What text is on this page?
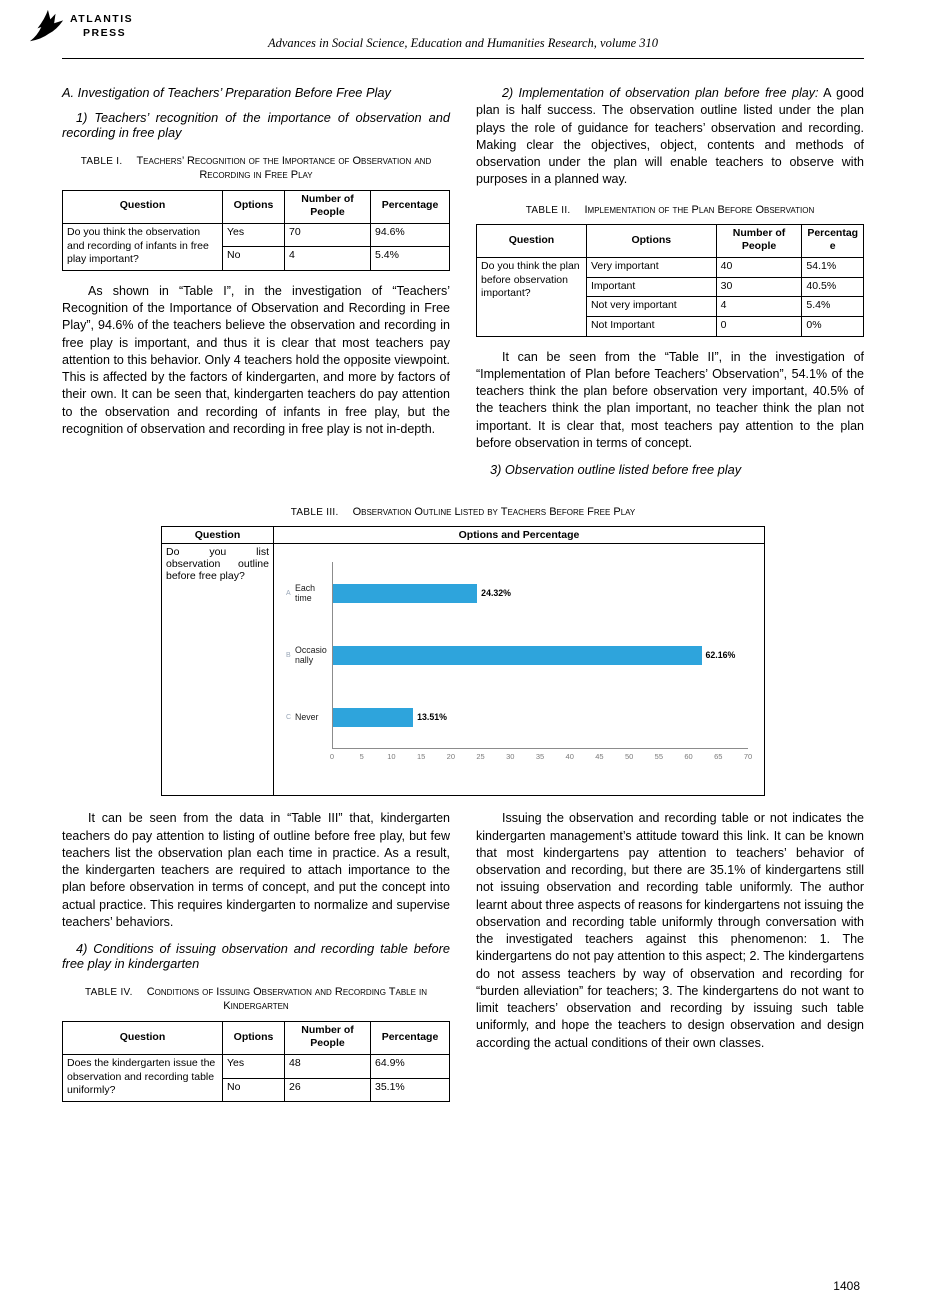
ATLANTIS
PRESS
Advances in Social Science, Education and Humanities Research, volume 310
A. Investigation of Teachers’ Preparation Before Free Play
1) Teachers’ recognition of the importance of observation and recording in free play
TABLE I. Teachers’ Recognition of the Importance of Observation and Recording in Free Play
Question	Options	Number of People	Percentage
Do you think the observation and recording of infants in free play important?	Yes	70	94.6%
	No	4	5.4%

As shown in “Table I”, in the investigation of “Teachers’ Recognition of the Importance of Observation and Recording in Free Play”, 94.6% of the teachers believe the observation and recording in free play is important, and thus it is clear that most teachers pay attention to this behavior. Only 4 teachers hold the opposite viewpoint. This is affected by the factors of kindergarten, and more by factors of their own. It can be seen that, kindergarten teachers do pay attention to the observation and recording of infants in free play, but the recognition of observation and recording in free play is not in-depth.

2) Implementation of observation plan before free play: A good plan is half success. The observation outline listed under the plan plays the role of guidance for teachers’ observation and recording. Making clear the objectives, object, contents and methods of observation under the plan will enable teachers to observe with purposes in a planned way.

TABLE II. Implementation of the Plan Before Observation
Question	Options	Number of People	Percentage
Do you think the plan before observation important?	Very important	40	54.1%
	Important	30	40.5%
	Not very important	4	5.4%
	Not Important	0	0%

It can be seen from the “Table II”, in the investigation of “Implementation of Plan before Teachers’ Observation”, 54.1% of the teachers think the plan before observation very important, 40.5% of the teachers think the plan important, no teacher think the plan not important. It is clear that, most teachers pay attention to the plan before observation in terms of concept.

3) Observation outline listed before free play
TABLE III. Observation Outline Listed by Teachers Before Free Play
Question	Options and Percentage
Do you list observation outline before free play?	
A
Each time
B
Occasionally
C Never
24.32%
62.16%
13.51%
0	5	10	15	20	25	30	35	40	45	50	55	60	65	70

It can be seen from the data in “Table III” that, kindergarten teachers do pay attention to listing of outline before free play, but few teachers list the observation plan each time in practice. As a result, the kindergarten teachers are required to attach importance to the plan before observation in terms of concept, and put the concept into actual practice. This requires kindergarten to normalize and supervise teachers’ behaviors.

4) Conditions of issuing observation and recording table before free play in kindergarten
TABLE IV. Conditions of Issuing Observation and Recording Table in Kindergarten
Question	Options	Number of People	Percentage
Does the kindergarten issue the observation and recording table uniformly?	Yes	48	64.9%
	No	26	35.1%

Issuing the observation and recording table or not indicates the kindergarten management’s attitude toward this link. It can be known that most kindergartens pay attention to teachers’ behavior of observation and recording, but there are 35.1% of kindergartens still not issuing observation and recording table uniformly. The author learnt about three aspects of reasons for kindergartens not issuing the observation and recording table uniformly through conversation with the investigated teachers against this phenomenon: 1. The kindergartens do not pay attention to this aspect; 2. The kindergartens do not assess teachers by way of observation and recording for “burden alleviation” for teachers; 3. The kindergartens do not want to limit teachers’ observation and recording by issuing such table uniformly, and hope the teachers to design observation and design according the actual conditions of their own classes.

1408
